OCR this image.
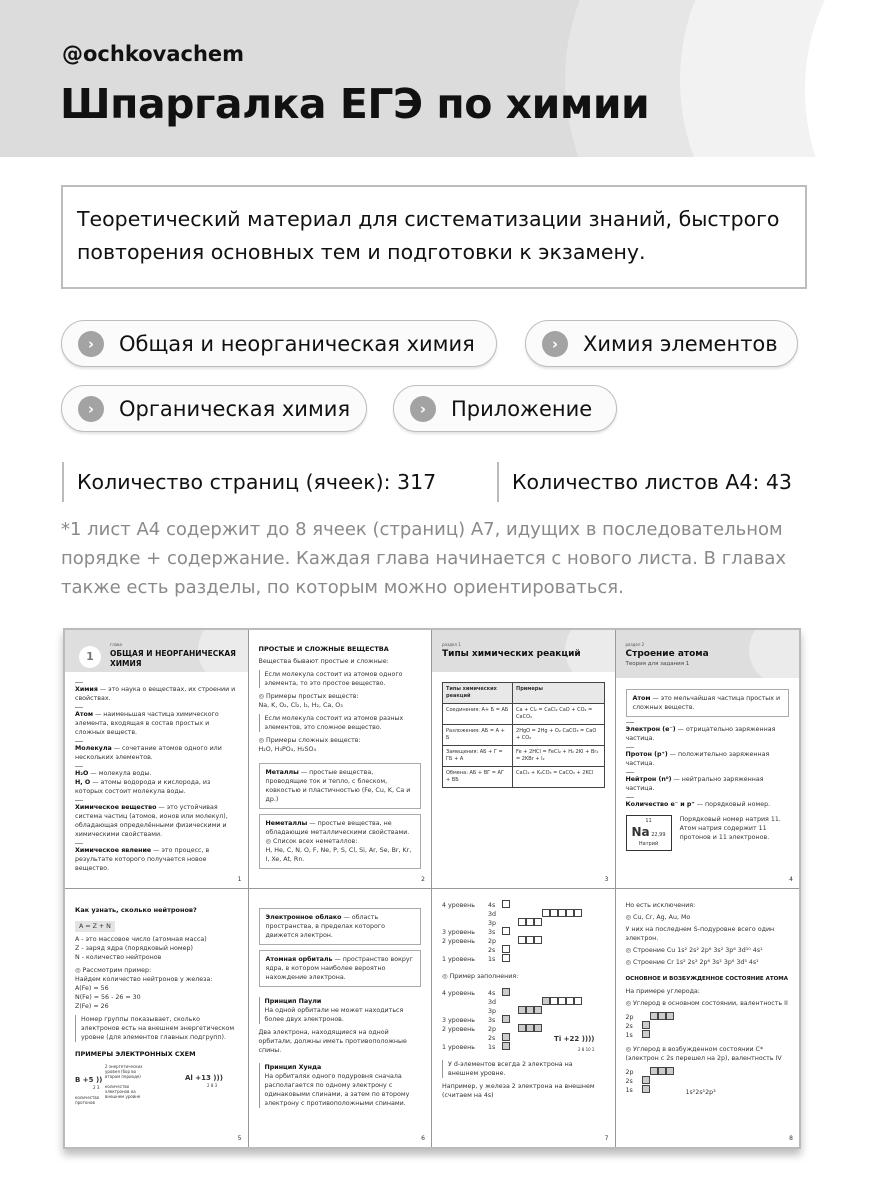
@ochkovachem
Шпаргалка ЕГЭ по химии
Теоретический материал для систематизации знаний, быстрого повторения основных тем и подготовки к экзамену.
›	Общая и неорганическая химия	›	Химия элементов
›	Органическая химия	›	Приложение
Количество страниц (ячеек): 317	Количество листов А4: 43
*1 лист А4 содержит до 8 ячеек (страниц) А7, идущих в последовательном порядке + содержание. Каждая глава начинается с нового листа. В главах также есть разделы, по которым можно ориентироваться.
глава
1	ОБЩАЯ И НЕОРГАНИЧЕСКАЯ ХИМИЯ
Химия — это наука о веществах, их строении и свойствах.
Атом — наименьшая частица химического элемента, входящая в состав простых и сложных веществ.
Молекула — сочетание атомов одного или нескольких элементов.
H₂O — молекула воды.
H, O — атомы водорода и кислорода, из которых состоит молекула воды.
Химическое вещество — это устойчивая система частиц (атомов, ионов или молекул), обладающая определёнными физическими и химическими свойствами.
Химическое явление — это процесс, в результате которого получается новое вещество.
1
ПРОСТЫЕ И СЛОЖНЫЕ ВЕЩЕСТВА
Вещества бывают простые и сложные:
Если молекула состоит из атомов одного элемента, то это простое вещество.
◎ Примеры простых веществ:
Na, K, O₂, Cl₂, I₂, H₂, Ca, O₃
Если молекула состоит из атомов разных элементов, это сложное вещество.
◎ Примеры сложных веществ:
H₂O, H₃PO₄, H₂SO₄
Металлы — простые вещества, проводящие ток и тепло, с блеском, ковкостью и пластичностью (Fe, Cu, K, Ca и др.)
Неметаллы — простые вещества, не обладающие металлическими свойствами.
◎ Список всех неметаллов:
H, He, C, N, O, F, Ne, P, S, Cl, Si, Ar, Se, Br, Kr, I, Xe, At, Rn.
2
раздел 1
Типы химических реакций
Типы химических реакций	Примеры
Соединения: А+ Б = АБ	Ca + Cl₂ = CaCl₂ CaO + CO₂ = CaCO₃
Разложения: АБ = А + Б	2HgO = 2Hg + O₂ CaCO₃ = CaO + CO₂
Замещения: АБ + Г = ГБ + А	Fe + 2HCl = FeCl₂ + H₂ 2KI + Br₂ = 2KBr + I₂
Обмена: АБ + ВГ = АГ + ВБ	CaCl₂ + K₂CO₃ = CaCO₃ + 2KCl
3
раздел 2
Строение атома
Теория для задания 1
Атом — это мельчайшая частица простых и сложных веществ.
Электрон (e⁻) — отрицательно заряженная частица.
Протон (p⁺) — положительно заряженная частица.
Нейтрон (n⁰) — нейтрально заряженная частица.
Количество e⁻ и p⁺ — порядковый номер.
11
Na 22,99
Натрий
Порядковый номер натрия 11. Атом натрия содержит 11 протонов и 11 электронов.
4
Как узнать, сколько нейтронов?
A = Z + N
A - это массовое число (атомная масса)
Z - заряд ядра (порядковый номер)
N - количество нейтронов
◎ Рассмотрим пример:
Найдем количество нейтронов у железа:
A(Fe) = 56
N(Fe) = 56 - 26 = 30
Z(Fe) = 26
Номер группы показывает, сколько электронов есть на внешнем энергетическом уровне (для элементов главных подгрупп).
ПРИМЕРЫ ЭЛЕКТРОННЫХ СХЕМ
2 энергетических уровня (бор во втором периоде)
B +5 ))
2 3 количество электронов на внешнем уровне
количество протонов
Al +13 )))
2 8 3
5
Электронное облако — область пространства, в пределах которого движется электрон.
Атомная орбиталь — пространство вокруг ядра, в котором наиболее вероятно нахождение электрона.
Принцип Паули
На одной орбитали не может находиться более двух электронов.
Два электрона, находящиеся на одной орбитали, должны иметь противоположные спины.
Принцип Хунда
На орбиталях одного подуровня сначала располагается по одному электрону с одинаковыми спинами, а затем по второму электрону с противоположными спинами.
6
4 уровень	4s
3d
3p
3 уровень	3s
2 уровень	2p
2s
1 уровень	1s
◎ Пример заполнения:
4 уровень	4s
3d
3p
3 уровень	3s
2 уровень	2p
2s
1 уровень	1s
Ti +22 ))))
2 8 10 2
У d-элементов всегда 2 электрона на внешнем уровне.
Например, у железа 2 электрона на внешнем (считаем на 4s)
7
Но есть исключения:
◎ Cu, Cr, Ag, Au, Mo
У них на последнем S-подуровне всего один электрон.
◎ Строение Cu 1s² 2s² 2p⁶ 3s² 3p⁶ 3d¹⁰ 4s¹
◎ Строение Cr 1s² 2s² 2p⁶ 3s² 3p⁶ 3d⁵ 4s¹
ОСНОВНОЕ И ВОЗБУЖДЕННОЕ СОСТОЯНИЕ АТОМА
На примере углерода:
◎ Углерод в основном состоянии, валентность II
2p
2s
1s
◎ Углерод в возбужденном состоянии C* (электрон с 2s перешел на 2p), валентность IV
2p
2s
1s	1s²2s¹2p³
8
